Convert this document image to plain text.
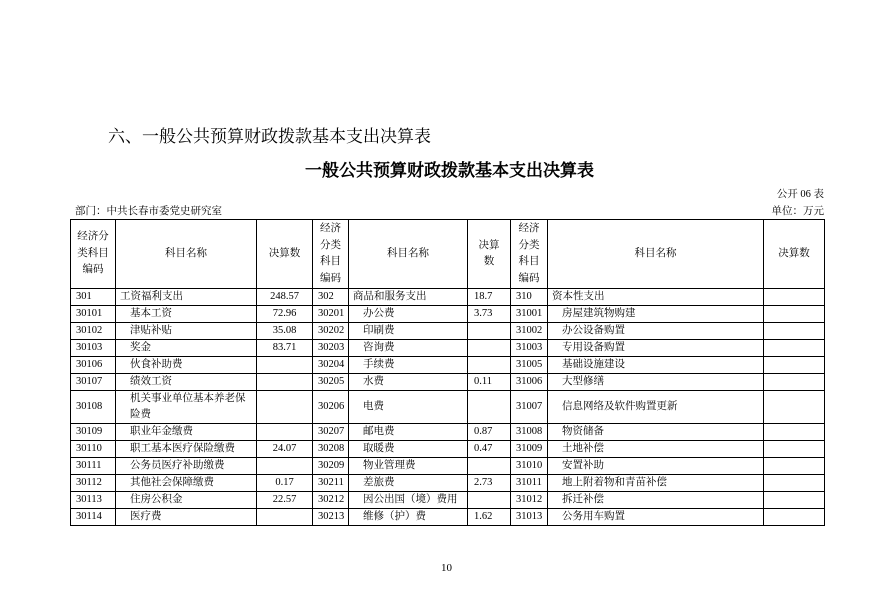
六、一般公共预算财政拨款基本支出决算表
一般公共预算财政拨款基本支出决算表
公开 06 表
部门：中共长春市委党史研究室	单位：万元
经济分类科目编码	科目名称	决算数	经济分类科目编码	科目名称	决算数	经济分类科目编码	科目名称	决算数
301	工资福利支出	248.57	302	商品和服务支出	18.7	310	资本性支出	
30101	基本工资	72.96	30201	办公费	3.73	31001	房屋建筑物购建	
30102	津贴补贴	35.08	30202	印刷费		31002	办公设备购置	
30103	奖金	83.71	30203	咨询费		31003	专用设备购置	
30106	伙食补助费		30204	手续费		31005	基础设施建设	
30107	绩效工资		30205	水费	0.11	31006	大型修缮	
30108	机关事业单位基本养老保险费		30206	电费		31007	信息网络及软件购置更新	
30109	职业年金缴费		30207	邮电费	0.87	31008	物资储备	
30110	职工基本医疗保险缴费	24.07	30208	取暖费	0.47	31009	土地补偿	
30111	公务员医疗补助缴费		30209	物业管理费		31010	安置补助	
30112	其他社会保障缴费	0.17	30211	差旅费	2.73	31011	地上附着物和青苗补偿	
30113	住房公积金	22.57	30212	因公出国（境）费用		31012	拆迁补偿	
30114	医疗费		30213	维修（护）费	1.62	31013	公务用车购置	
10
